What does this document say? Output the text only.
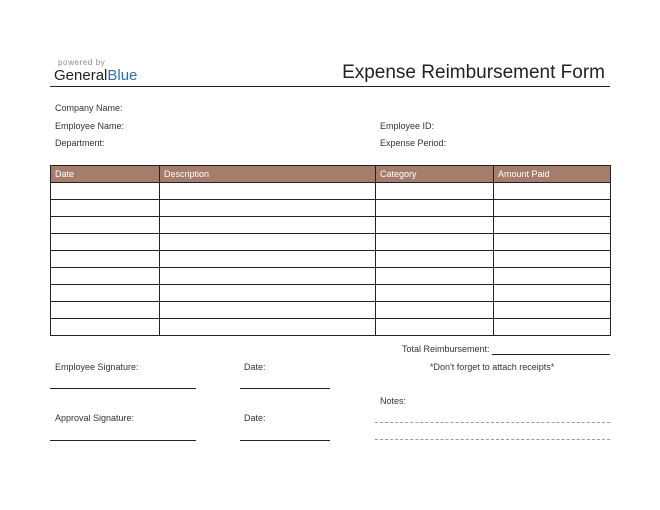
powered by
GeneralBlue	Expense Reimbursement Form
Company Name:
Employee Name:
Department:
Employee ID:
Expense Period:
Date	Description	Category	Amount Paid

Total Reimbursement:
*Don't forget to attach receipts*
Employee Signature:	Date:
Notes:
Approval Signature:	Date:
